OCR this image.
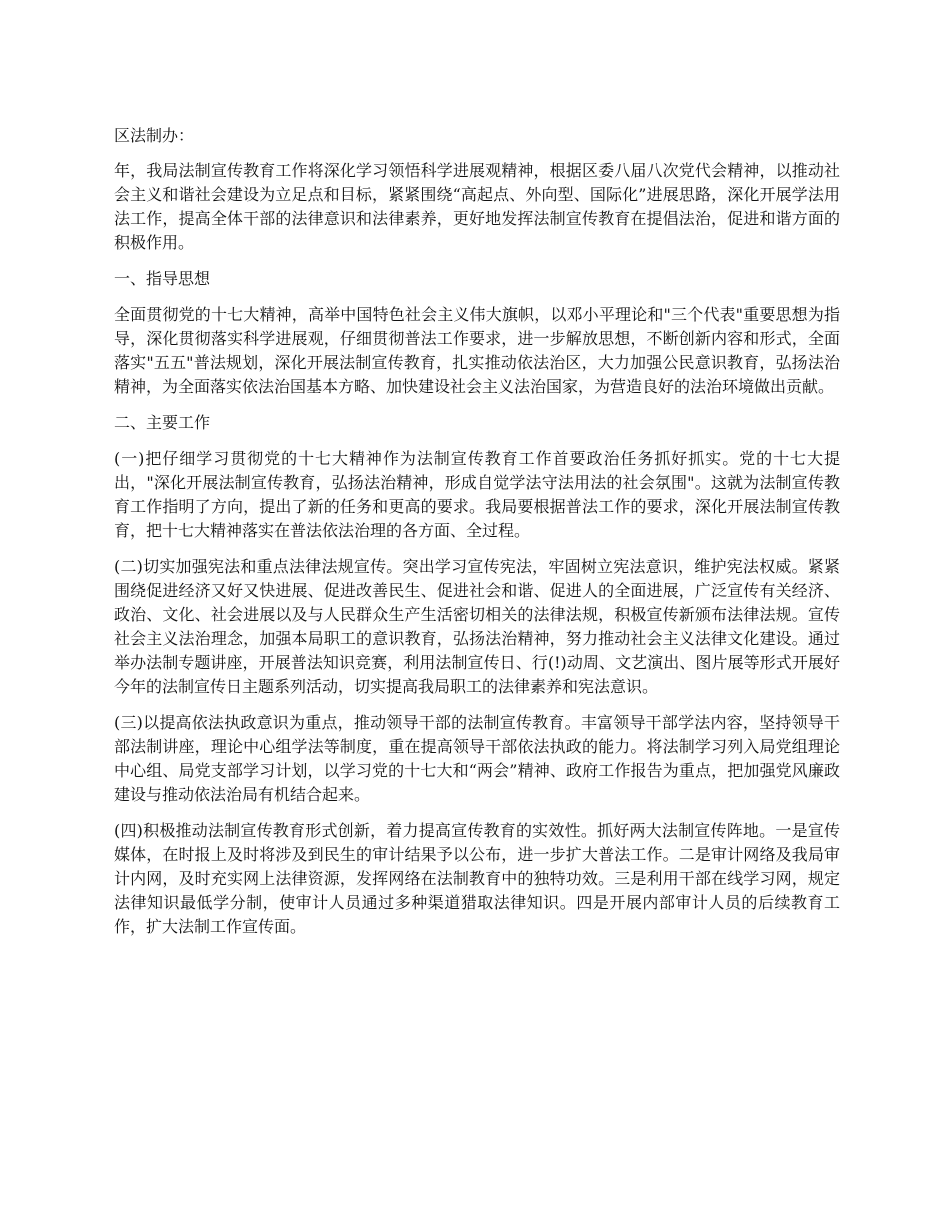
区法制办：

年，我局法制宣传教育工作将深化学习领悟科学进展观精神，根据区委八届八次党代会精神，以推动社会主义和谐社会建设为立足点和目标，紧紧围绕“高起点、外向型、国际化”进展思路，深化开展学法用法工作，提高全体干部的法律意识和法律素养，更好地发挥法制宣传教育在提倡法治，促进和谐方面的积极作用。

一、指导思想

全面贯彻党的十七大精神，高举中国特色社会主义伟大旗帜，以邓小平理论和"三个代表"重要思想为指导，深化贯彻落实科学进展观，仔细贯彻普法工作要求，进一步解放思想，不断创新内容和形式，全面落实"五五"普法规划，深化开展法制宣传教育，扎实推动依法治区，大力加强公民意识教育，弘扬法治精神，为全面落实依法治国基本方略、加快建设社会主义法治国家，为营造良好的法治环境做出贡献。

二、主要工作

(一)把仔细学习贯彻党的十七大精神作为法制宣传教育工作首要政治任务抓好抓实。党的十七大提出，"深化开展法制宣传教育，弘扬法治精神，形成自觉学法守法用法的社会氛围"。这就为法制宣传教育工作指明了方向，提出了新的任务和更高的要求。我局要根据普法工作的要求，深化开展法制宣传教育，把十七大精神落实在普法依法治理的各方面、全过程。

(二)切实加强宪法和重点法律法规宣传。突出学习宣传宪法，牢固树立宪法意识，维护宪法权威。紧紧围绕促进经济又好又快进展、促进改善民生、促进社会和谐、促进人的全面进展，广泛宣传有关经济、政治、文化、社会进展以及与人民群众生产生活密切相关的法律法规，积极宣传新颁布法律法规。宣传社会主义法治理念，加强本局职工的意识教育，弘扬法治精神，努力推动社会主义法律文化建设。通过举办法制专题讲座，开展普法知识竞赛，利用法制宣传日、行(!)动周、文艺演出、图片展等形式开展好今年的法制宣传日主题系列活动，切实提高我局职工的法律素养和宪法意识。

(三)以提高依法执政意识为重点，推动领导干部的法制宣传教育。丰富领导干部学法内容，坚持领导干部法制讲座，理论中心组学法等制度，重在提高领导干部依法执政的能力。将法制学习列入局党组理论中心组、局党支部学习计划，以学习党的十七大和“两会”精神、政府工作报告为重点，把加强党风廉政建设与推动依法治局有机结合起来。

(四)积极推动法制宣传教育形式创新，着力提高宣传教育的实效性。抓好两大法制宣传阵地。一是宣传媒体，在时报上及时将涉及到民生的审计结果予以公布，进一步扩大普法工作。二是审计网络及我局审计内网，及时充实网上法律资源，发挥网络在法制教育中的独特功效。三是利用干部在线学习网，规定法律知识最低学分制，使审计人员通过多种渠道猎取法律知识。四是开展内部审计人员的后续教育工作，扩大法制工作宣传面。
